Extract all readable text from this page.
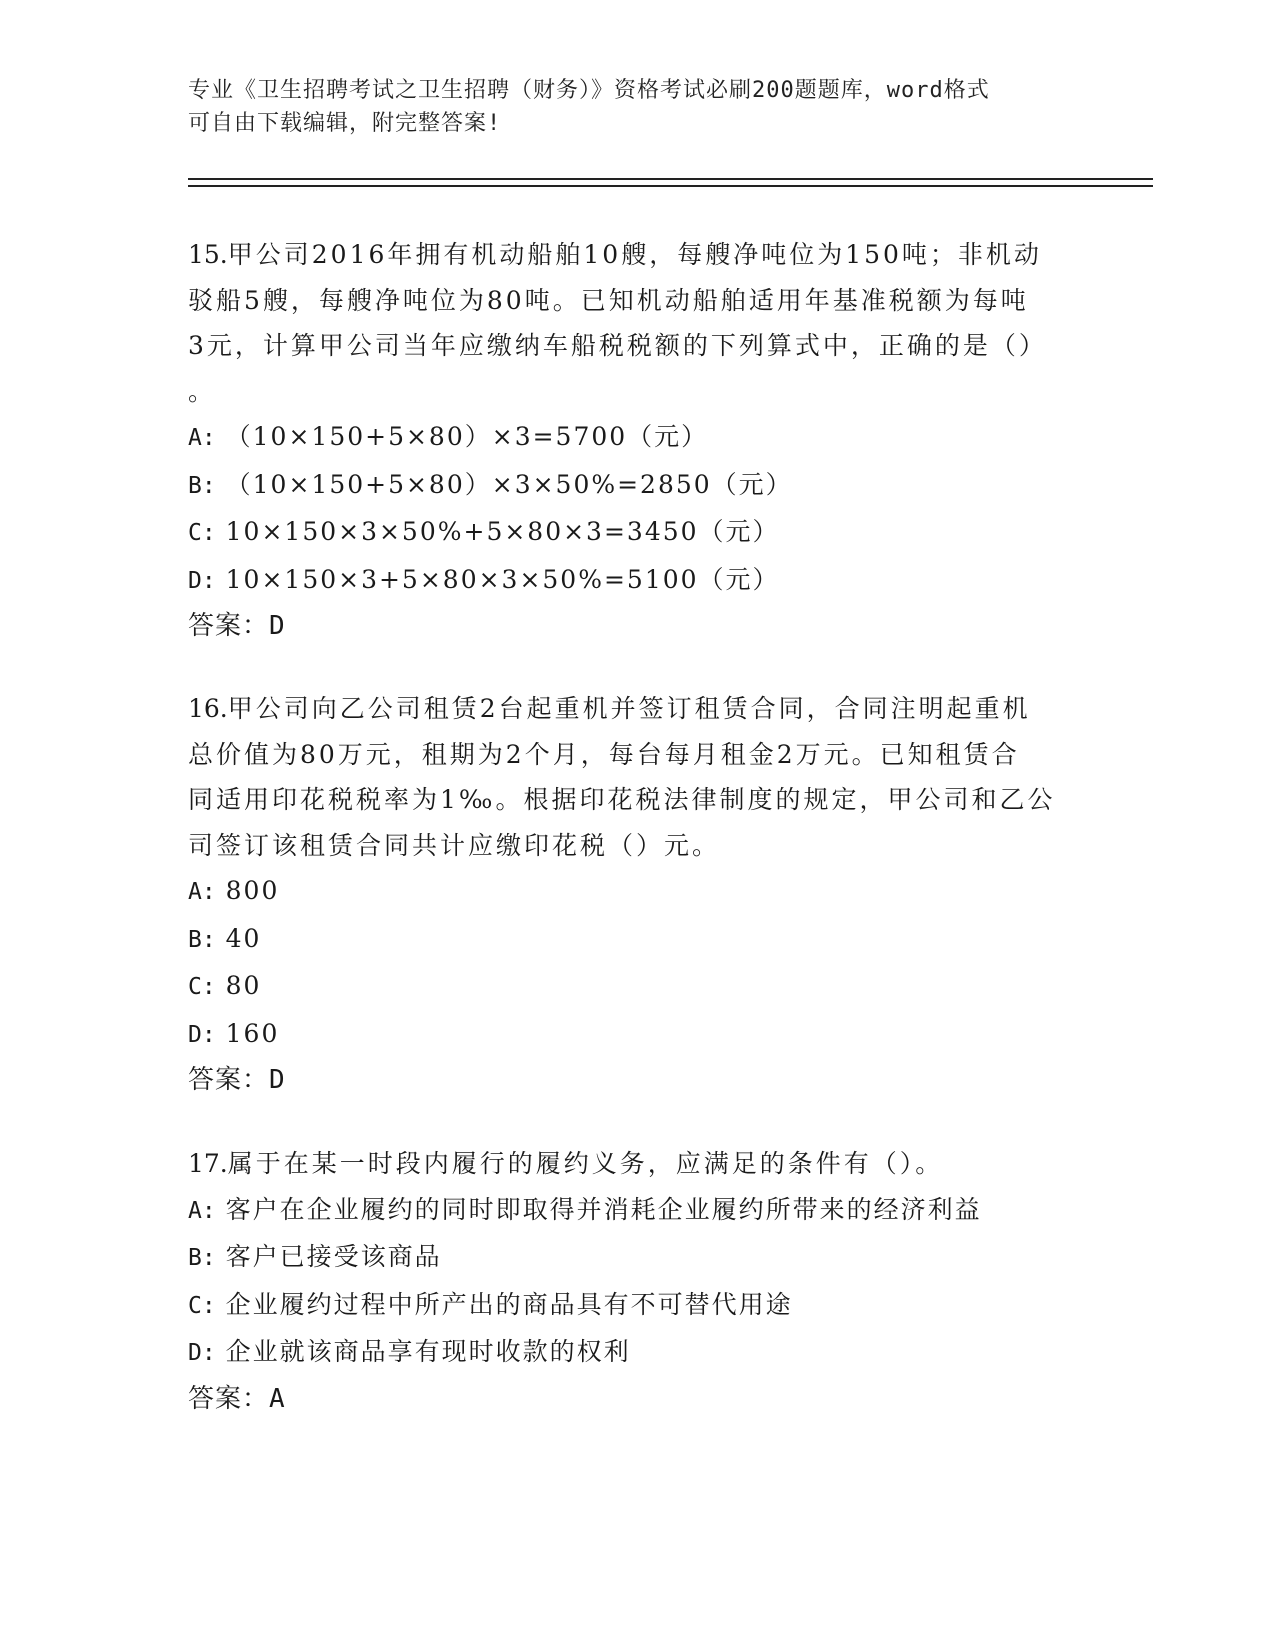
专业《卫生招聘考试之卫生招聘（财务）》资格考试必刷200题题库，word格式
可自由下载编辑，附完整答案!
15.甲公司2016年拥有机动船舶10艘，每艘净吨位为150吨；非机动
驳船5艘，每艘净吨位为80吨。已知机动船舶适用年基准税额为每吨
3元，计算甲公司当年应缴纳车船税税额的下列算式中，正确的是（）
。
A: （10×150+5×80）×3=5700（元）
B: （10×150+5×80）×3×50%=2850（元）
C: 10×150×3×50%+5×80×3=3450（元）
D: 10×150×3+5×80×3×50%=5100（元）
答案：D
16.甲公司向乙公司租赁2台起重机并签订租赁合同，合同注明起重机
总价值为80万元，租期为2个月，每台每月租金2万元。已知租赁合
同适用印花税税率为1‰。根据印花税法律制度的规定，甲公司和乙公
司签订该租赁合同共计应缴印花税（）元。
A: 800
B: 40
C: 80
D: 160
答案：D
17.属于在某一时段内履行的履约义务，应满足的条件有（）。
A: 客户在企业履约的同时即取得并消耗企业履约所带来的经济利益
B: 客户已接受该商品
C: 企业履约过程中所产出的商品具有不可替代用途
D: 企业就该商品享有现时收款的权利
答案：A
